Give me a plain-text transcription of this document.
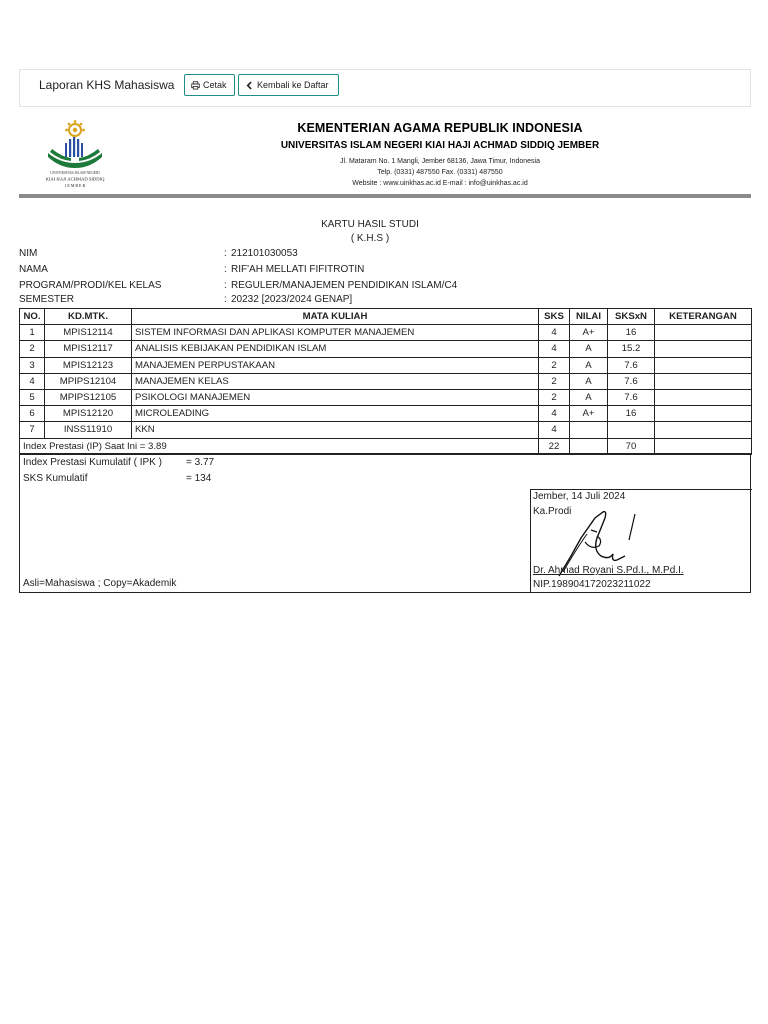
Laporan KHS Mahasiswa	Cetak	Kembali ke Daftar
UNIVERSITAS ISLAM NEGERI
KIAI HAJI ACHMAD SIDDIQ
J E M B E R
KEMENTERIAN AGAMA REPUBLIK INDONESIA
UNIVERSITAS ISLAM NEGERI KIAI HAJI ACHMAD SIDDIQ JEMBER
Jl. Mataram No. 1 Mangli, Jember 68136, Jawa Timur, Indonesia
Telp. (0331) 487550 Fax. (0331) 487550
Website : www.uinkhas.ac.id E-mail : info@uinkhas.ac.id
KARTU HASIL STUDI
( K.H.S )
NIM	: 212101030053
NAMA	: RIF'AH MELLATI FIFITROTIN
PROGRAM/PRODI/KEL KELAS	: REGULER/MANAJEMEN PENDIDIKAN ISLAM/C4
SEMESTER	: 20232 [2023/2024 GENAP]
NO.	KD.MTK.	MATA KULIAH	SKS	NILAI	SKSxN	KETERANGAN
1	MPIS12114	SISTEM INFORMASI DAN APLIKASI KOMPUTER MANAJEMEN	4	A+	16	
2	MPIS12117	ANALISIS KEBIJAKAN PENDIDIKAN ISLAM	4	A	15.2	
3	MPIS12123	MANAJEMEN PERPUSTAKAAN	2	A	7.6	
4	MPIPS12104	MANAJEMEN KELAS	2	A	7.6	
5	MPIPS12105	PSIKOLOGI MANAJEMEN	2	A	7.6	
6	MPIS12120	MICROLEADING	4	A+	16	
7	INSS11910	KKN	4			
Index Prestasi (IP) Saat Ini = 3.89			22		70	
Index Prestasi Kumulatif ( IPK ) = 3.77
SKS Kumulatif	= 134
Jember, 14 Juli 2024
Ka.Prodi
Dr. Ahmad Royani S.Pd.I., M.Pd.I.
NIP.198904172023211022
Asli=Mahasiswa ; Copy=Akademik
